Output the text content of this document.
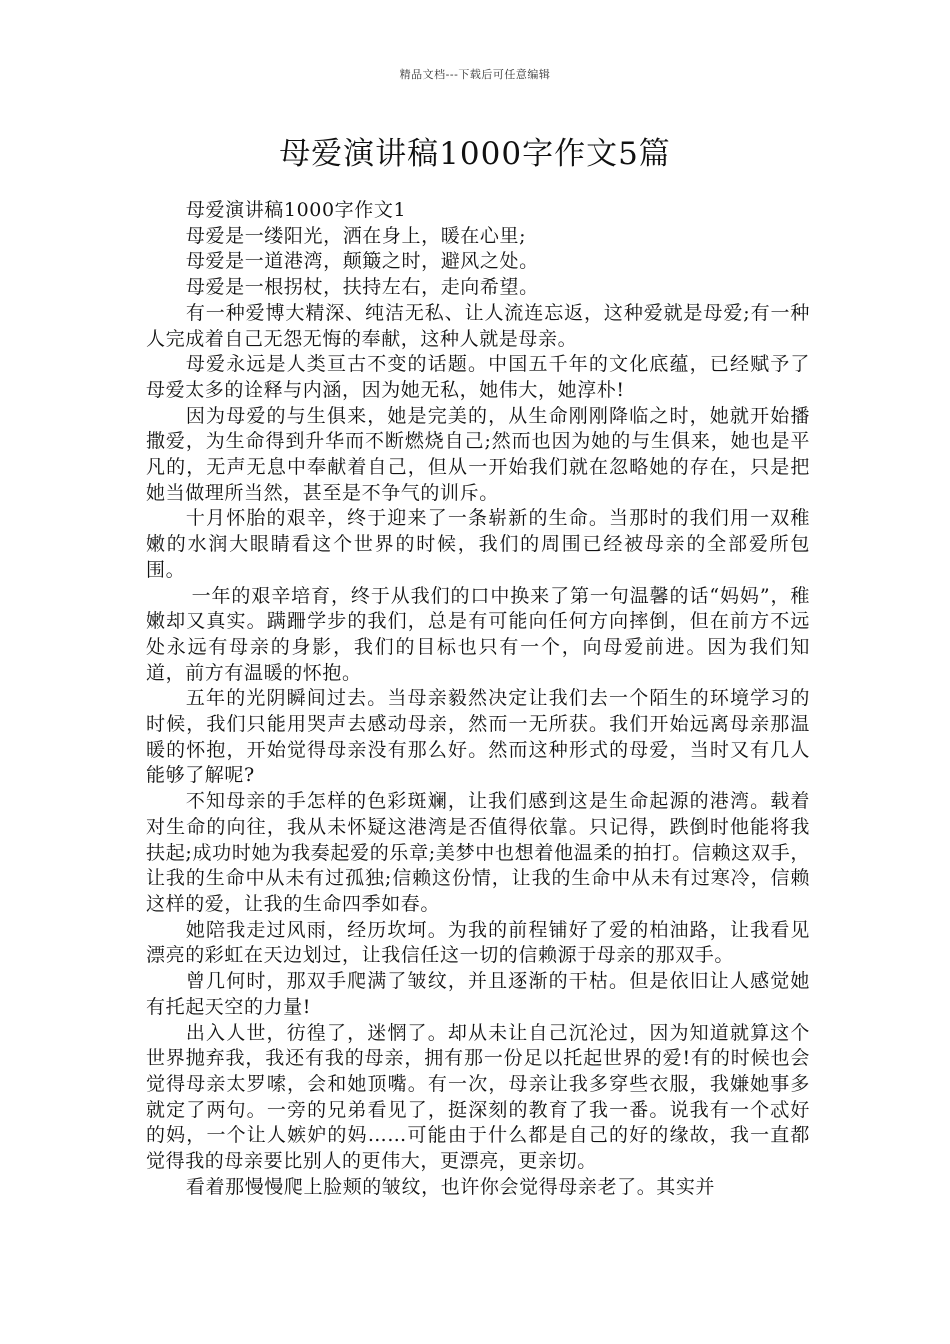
精品文档---下载后可任意编辑
母爱演讲稿1000字作文5篇

母爱演讲稿1000字作文1

母爱是一缕阳光，洒在身上，暖在心里;

母爱是一道港湾，颠簸之时，避风之处。

母爱是一根拐杖，扶持左右，走向希望。

有一种爱博大精深、纯洁无私、让人流连忘返，这种爱就是母爱;有一种人完成着自己无怨无悔的奉献，这种人就是母亲。

母爱永远是人类亘古不变的话题。中国五千年的文化底蕴，已经赋予了母爱太多的诠释与内涵，因为她无私，她伟大，她淳朴!

因为母爱的与生俱来，她是完美的，从生命刚刚降临之时，她就开始播撒爱，为生命得到升华而不断燃烧自己;然而也因为她的与生俱来，她也是平凡的，无声无息中奉献着自己，但从一开始我们就在忽略她的存在，只是把她当做理所当然，甚至是不争气的训斥。

十月怀胎的艰辛，终于迎来了一条崭新的生命。当那时的我们用一双稚嫩的水润大眼睛看这个世界的时候，我们的周围已经被母亲的全部爱所包围。

一年的艰辛培育，终于从我们的口中换来了第一句温馨的话“妈妈”，稚嫩却又真实。蹒跚学步的我们，总是有可能向任何方向摔倒，但在前方不远处永远有母亲的身影，我们的目标也只有一个，向母爱前进。因为我们知道，前方有温暖的怀抱。

五年的光阴瞬间过去。当母亲毅然决定让我们去一个陌生的环境学习的时候，我们只能用哭声去感动母亲，然而一无所获。我们开始远离母亲那温暖的怀抱，开始觉得母亲没有那么好。然而这种形式的母爱，当时又有几人能够了解呢?

不知母亲的手怎样的色彩斑斓，让我们感到这是生命起源的港湾。载着对生命的向往，我从未怀疑这港湾是否值得依靠。只记得，跌倒时他能将我扶起;成功时她为我奏起爱的乐章;美梦中也想着他温柔的拍打。信赖这双手，让我的生命中从未有过孤独;信赖这份情，让我的生命中从未有过寒冷，信赖这样的爱，让我的生命四季如春。

她陪我走过风雨，经历坎坷。为我的前程铺好了爱的柏油路，让我看见漂亮的彩虹在天边划过，让我信任这一切的信赖源于母亲的那双手。

曾几何时，那双手爬满了皱纹，并且逐渐的干枯。但是依旧让人感觉她有托起天空的力量!

出入人世，彷徨了，迷惘了。却从未让自己沉沦过，因为知道就算这个世界抛弃我，我还有我的母亲，拥有那一份足以托起世界的爱!有的时候也会觉得母亲太罗嗦，会和她顶嘴。有一次，母亲让我多穿些衣服，我嫌她事多就定了两句。一旁的兄弟看见了，挺深刻的教育了我一番。说我有一个忒好的妈，一个让人嫉妒的妈……可能由于什么都是自己的好的缘故，我一直都觉得我的母亲要比别人的更伟大，更漂亮，更亲切。

看着那慢慢爬上脸颊的皱纹，也许你会觉得母亲老了。其实并
